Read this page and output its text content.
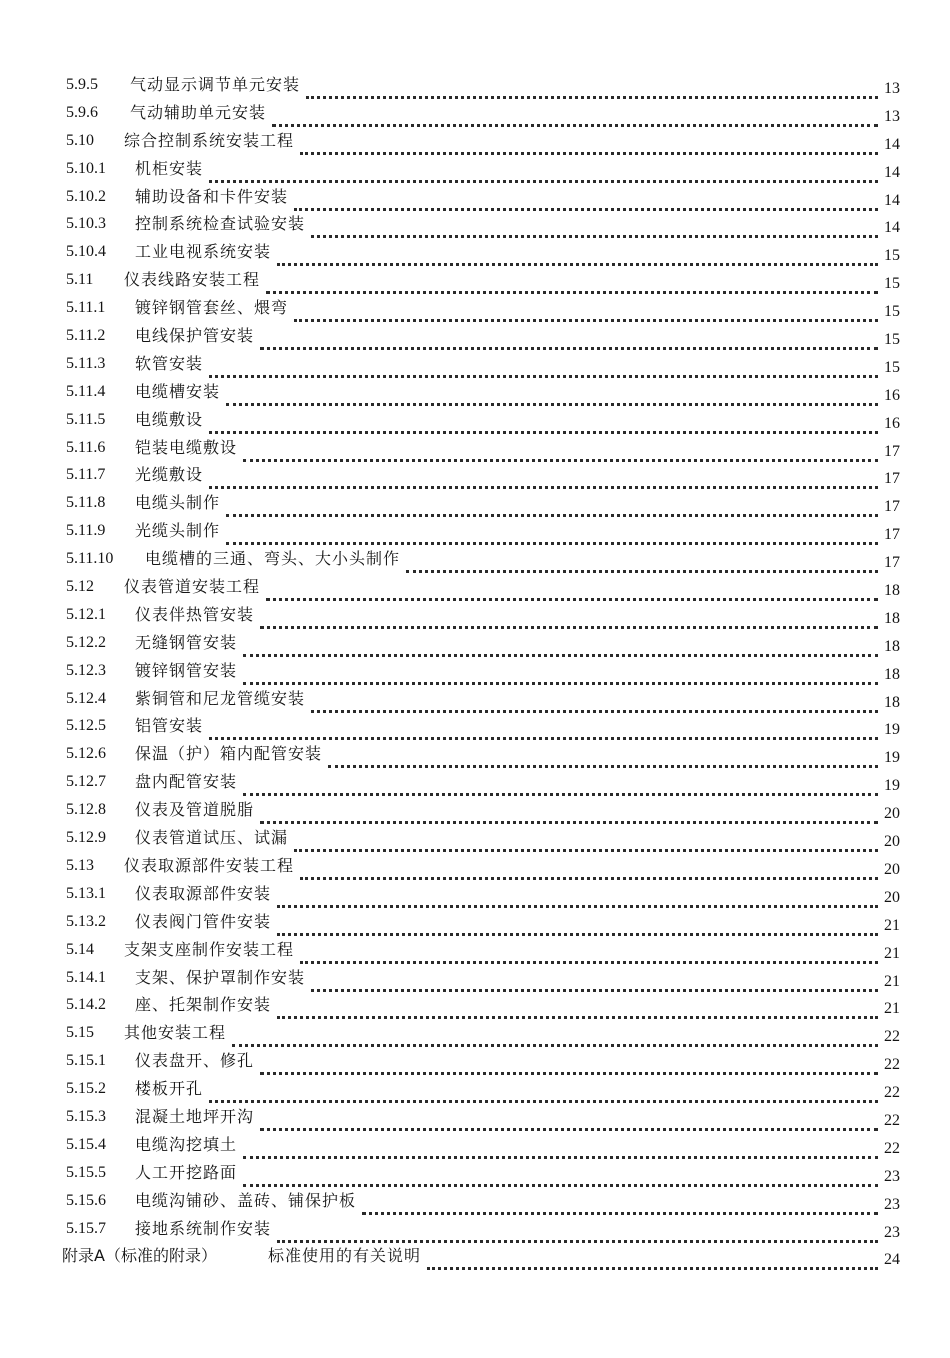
5.9.5 气动显示调节单元安装	13
5.9.6 气动辅助单元安装	13
5.10 综合控制系统安装工程	14
5.10.1 机柜安装	14
5.10.2 辅助设备和卡件安装	14
5.10.3 控制系统检查试验安装	14
5.10.4 工业电视系统安装	15
5.11 仪表线路安装工程	15
5.11.1 镀锌钢管套丝、煨弯	15
5.11.2 电线保护管安装	15
5.11.3 软管安装	15
5.11.4 电缆槽安装	16
5.11.5 电缆敷设	16
5.11.6 铠装电缆敷设	17
5.11.7 光缆敷设	17
5.11.8 电缆头制作	17
5.11.9 光缆头制作	17
5.11.10 电缆槽的三通、弯头、大小头制作	17
5.12 仪表管道安装工程	18
5.12.1 仪表伴热管安装	18
5.12.2 无缝钢管安装	18
5.12.3 镀锌钢管安装	18
5.12.4 紫铜管和尼龙管缆安装	18
5.12.5 铝管安装	19
5.12.6 保温（护）箱内配管安装	19
5.12.7 盘内配管安装	19
5.12.8 仪表及管道脱脂	20
5.12.9 仪表管道试压、试漏	20
5.13 仪表取源部件安装工程	20
5.13.1 仪表取源部件安装	20
5.13.2 仪表阀门管件安装	21
5.14 支架支座制作安装工程	21
5.14.1 支架、保护罩制作安装	21
5.14.2 座、托架制作安装	21
5.15 其他安装工程	22
5.15.1 仪表盘开、修孔	22
5.15.2 楼板开孔	22
5.15.3 混凝土地坪开沟	22
5.15.4 电缆沟挖填土	22
5.15.5 人工开挖路面	23
5.15.6 电缆沟铺砂、盖砖、铺保护板	23
5.15.7 接地系统制作安装	23
附录A（标准的附录）	标准使用的有关说明	24
